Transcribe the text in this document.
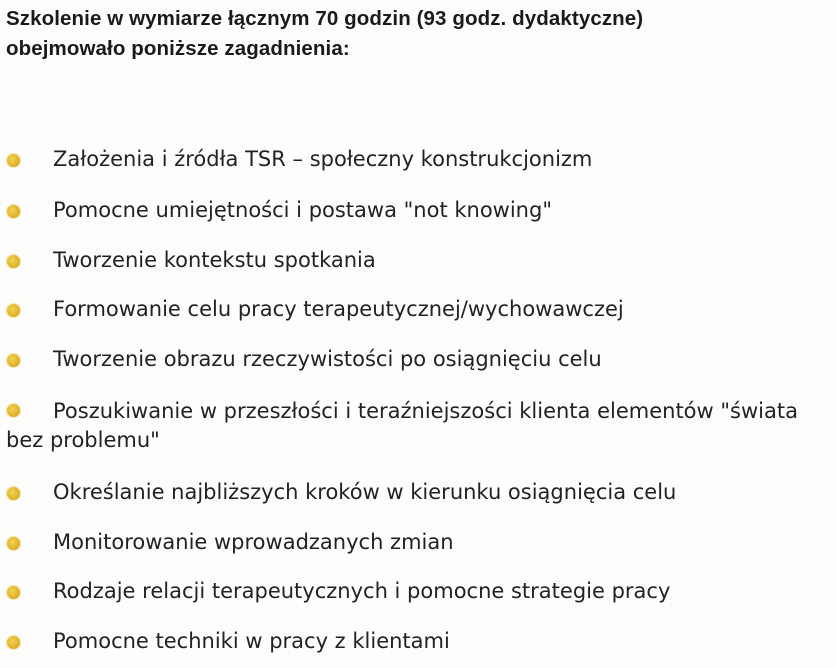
Szkolenie w wymiarze łącznym 70 godzin (93 godz. dydaktyczne)
obejmowało poniższe zagadnienia:
Założenia i źródła TSR – społeczny konstrukcjonizm
Pomocne umiejętności i postawa "not knowing"
Tworzenie kontekstu spotkania
Formowanie celu pracy terapeutycznej/wychowawczej
Tworzenie obrazu rzeczywistości po osiągnięciu celu
Poszukiwanie w przeszłości i teraźniejszości klienta elementów "świata bez problemu"
Określanie najbliższych kroków w kierunku osiągnięcia celu
Monitorowanie wprowadzanych zmian
Rodzaje relacji terapeutycznych i pomocne strategie pracy
Pomocne techniki w pracy z klientami
